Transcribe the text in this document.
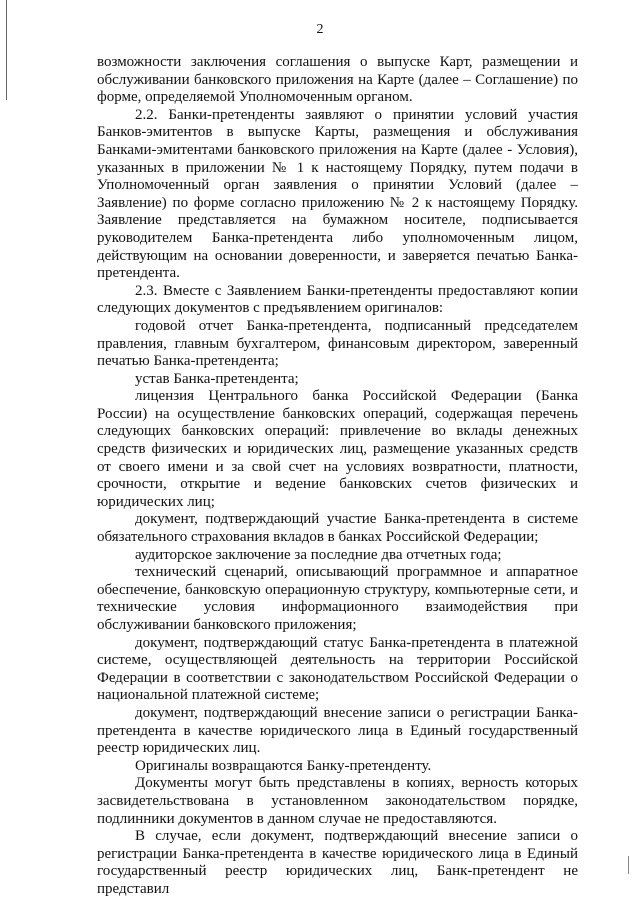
2

возможности заключения соглашения о выпуске Карт, размещении и обслуживании банковского приложения на Карте (далее – Соглашение) по форме, определяемой Уполномоченным органом.

2.2. Банки-претенденты заявляют о принятии условий участия Банков-эмитентов в выпуске Карты, размещения и обслуживания Банками-эмитентами банковского приложения на Карте (далее - Условия), указанных в приложении № 1 к настоящему Порядку, путем подачи в Уполномоченный орган заявления о принятии Условий (далее – Заявление) по форме согласно приложению № 2 к настоящему Порядку. Заявление представляется на бумажном носителе, подписывается руководителем Банка-претендента либо уполномоченным лицом, действующим на основании доверенности, и заверяется печатью Банка-претендента.

2.3. Вместе с Заявлением Банки-претенденты предоставляют копии следующих документов с предъявлением оригиналов:

годовой отчет Банка-претендента, подписанный председателем правления, главным бухгалтером, финансовым директором, заверенный печатью Банка-претендента;

устав Банка-претендента;

лицензия Центрального банка Российской Федерации (Банка России) на осуществление банковских операций, содержащая перечень следующих банковских операций: привлечение во вклады денежных средств физических и юридических лиц, размещение указанных средств от своего имени и за свой счет на условиях возвратности, платности, срочности, открытие и ведение банковских счетов физических и юридических лиц;

документ, подтверждающий участие Банка-претендента в системе обязательного страхования вкладов в банках Российской Федерации;

аудиторское заключение за последние два отчетных года;

технический сценарий, описывающий программное и аппаратное обеспечение, банковскую операционную структуру, компьютерные сети, и технические условия информационного взаимодействия при обслуживании банковского приложения;

документ, подтверждающий статус Банка-претендента в платежной системе, осуществляющей деятельность на территории Российской Федерации в соответствии с законодательством Российской Федерации о национальной платежной системе;

документ, подтверждающий внесение записи о регистрации Банка-претендента в качестве юридического лица в Единый государственный реестр юридических лиц.

Оригиналы возвращаются Банку-претенденту.

Документы могут быть представлены в копиях, верность которых засвидетельствована в установленном законодательством порядке, подлинники документов в данном случае не предоставляются.

В случае, если документ, подтверждающий внесение записи о регистрации Банка-претендента в качестве юридического лица в Единый государственный реестр юридических лиц, Банк-претендент не представил
